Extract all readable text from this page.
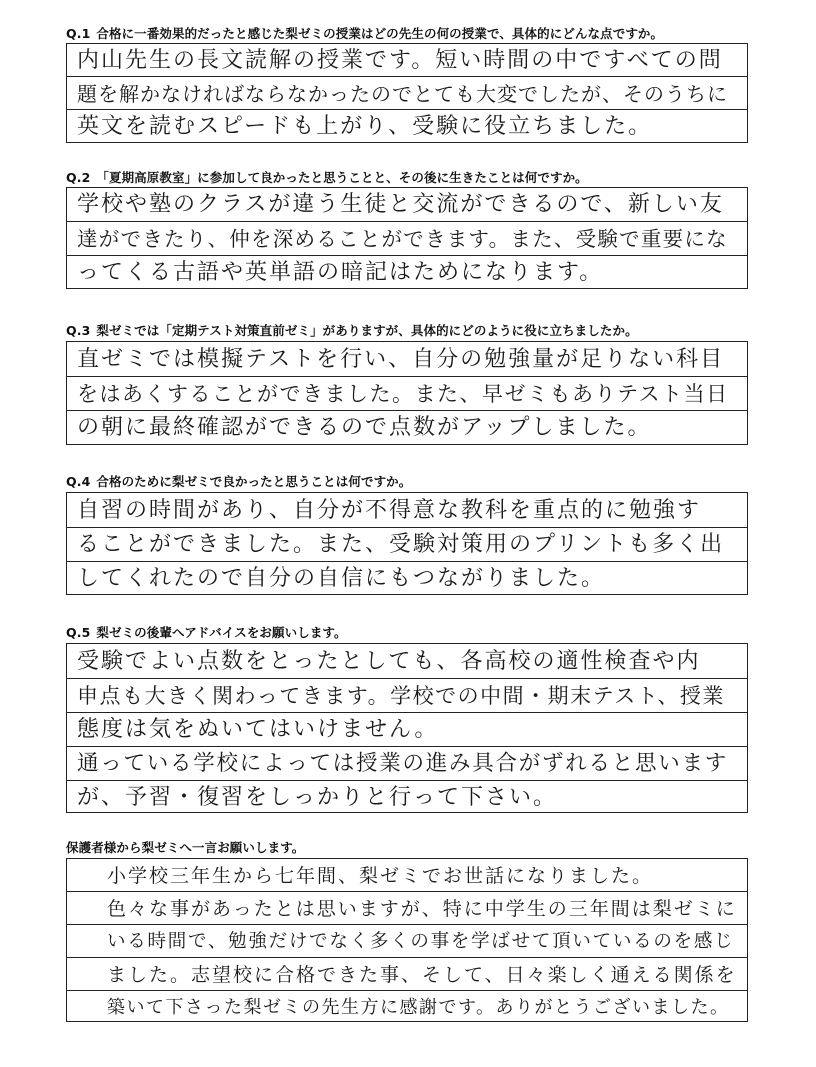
Q.1 合格に一番効果的だったと感じた梨ゼミの授業はどの先生の何の授業で、具体的にどんな点ですか。
内山先生の長文読解の授業です。短い時間の中ですべての問
題を解かなければならなかったのでとても大変でしたが、そのうちに
英文を読むスピードも上がり、受験に役立ちました。
Q.2 「夏期高原教室」に参加して良かったと思うことと、その後に生きたことは何ですか。
学校や塾のクラスが違う生徒と交流ができるので、新しい友
達ができたり、仲を深めることができます。また、受験で重要にな
ってくる古語や英単語の暗記はためになります。
Q.3 梨ゼミでは「定期テスト対策直前ゼミ」がありますが、具体的にどのように役に立ちましたか。
直ゼミでは模擬テストを行い、自分の勉強量が足りない科目
をはあくすることができました。また、早ゼミもありテスト当日
の朝に最終確認ができるので点数がアップしました。
Q.4 合格のために梨ゼミで良かったと思うことは何ですか。
自習の時間があり、自分が不得意な教科を重点的に勉強す
ることができました。また、受験対策用のプリントも多く出
してくれたので自分の自信にもつながりました。
Q.5 梨ゼミの後輩へアドバイスをお願いします。
受験でよい点数をとったとしても、各高校の適性検査や内
申点も大きく関わってきます。学校での中間・期末テスト、授業
態度は気をぬいてはいけません。
通っている学校によっては授業の進み具合がずれると思います
が、予習・復習をしっかりと行って下さい。
保護者様から梨ゼミへ一言お願いします。
小学校三年生から七年間、梨ゼミでお世話になりました。
色々な事があったとは思いますが、特に中学生の三年間は梨ゼミに
いる時間で、勉強だけでなく多くの事を学ばせて頂いているのを感じ
ました。志望校に合格できた事、そして、日々楽しく通える関係を
築いて下さった梨ゼミの先生方に感謝です。ありがとうございました。
